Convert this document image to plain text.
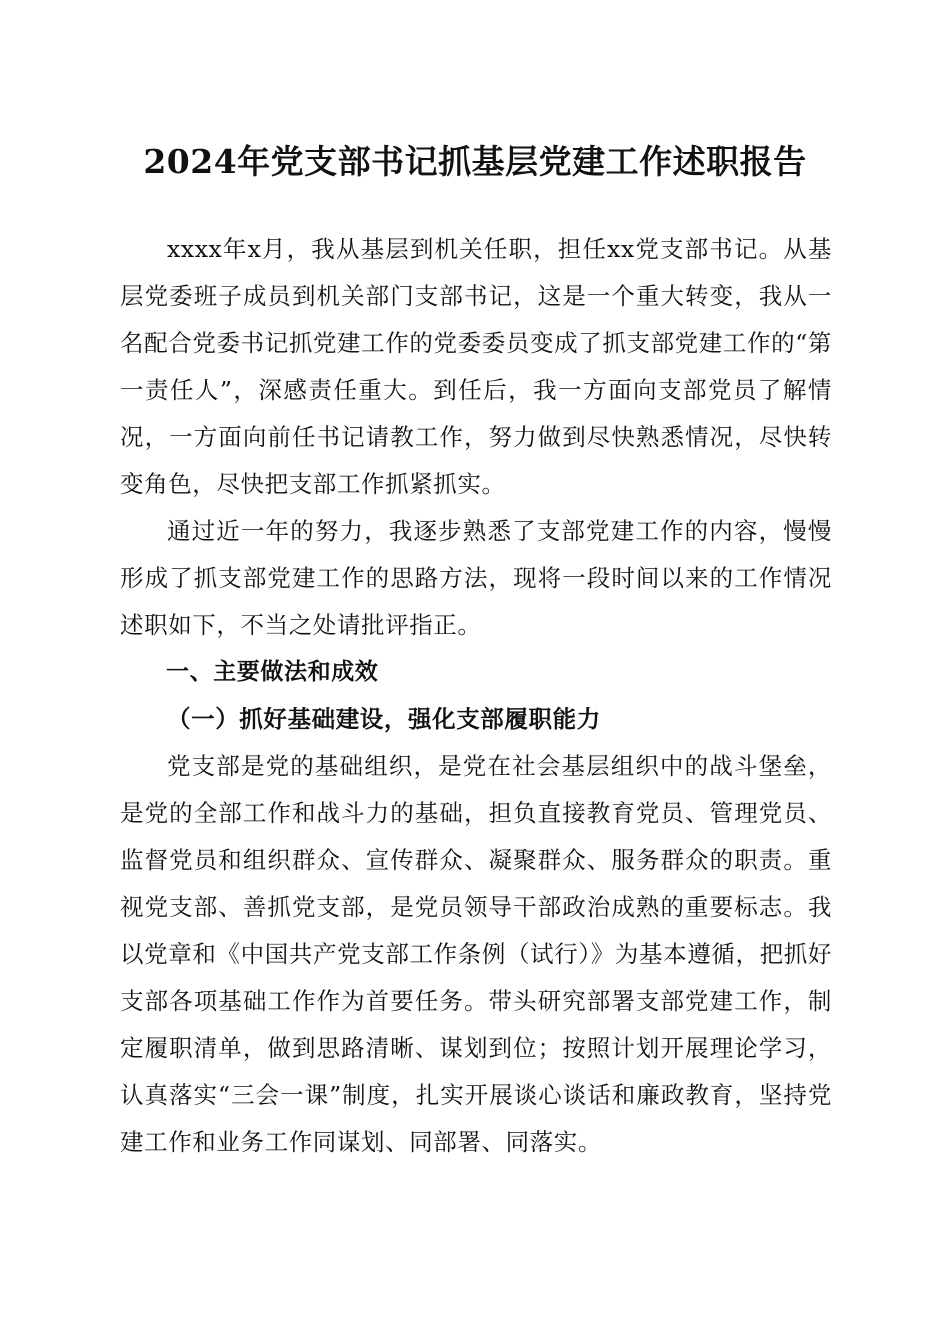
2024年党支部书记抓基层党建工作述职报告

xxxx年x月，我从基层到机关任职，担任xx党支部书记。从基层党委班子成员到机关部门支部书记，这是一个重大转变，我从一名配合党委书记抓党建工作的党委委员变成了抓支部党建工作的“第一责任人”，深感责任重大。到任后，我一方面向支部党员了解情况，一方面向前任书记请教工作，努力做到尽快熟悉情况，尽快转变角色，尽快把支部工作抓紧抓实。

通过近一年的努力，我逐步熟悉了支部党建工作的内容，慢慢形成了抓支部党建工作的思路方法，现将一段时间以来的工作情况述职如下，不当之处请批评指正。

一、主要做法和成效

（一）抓好基础建设，强化支部履职能力

党支部是党的基础组织，是党在社会基层组织中的战斗堡垒，是党的全部工作和战斗力的基础，担负直接教育党员、管理党员、监督党员和组织群众、宣传群众、凝聚群众、服务群众的职责。重视党支部、善抓党支部，是党员领导干部政治成熟的重要标志。我以党章和《中国共产党支部工作条例（试行）》为基本遵循，把抓好支部各项基础工作作为首要任务。带头研究部署支部党建工作，制定履职清单，做到思路清晰、谋划到位；按照计划开展理论学习，认真落实“三会一课”制度，扎实开展谈心谈话和廉政教育，坚持党建工作和业务工作同谋划、同部署、同落实。
